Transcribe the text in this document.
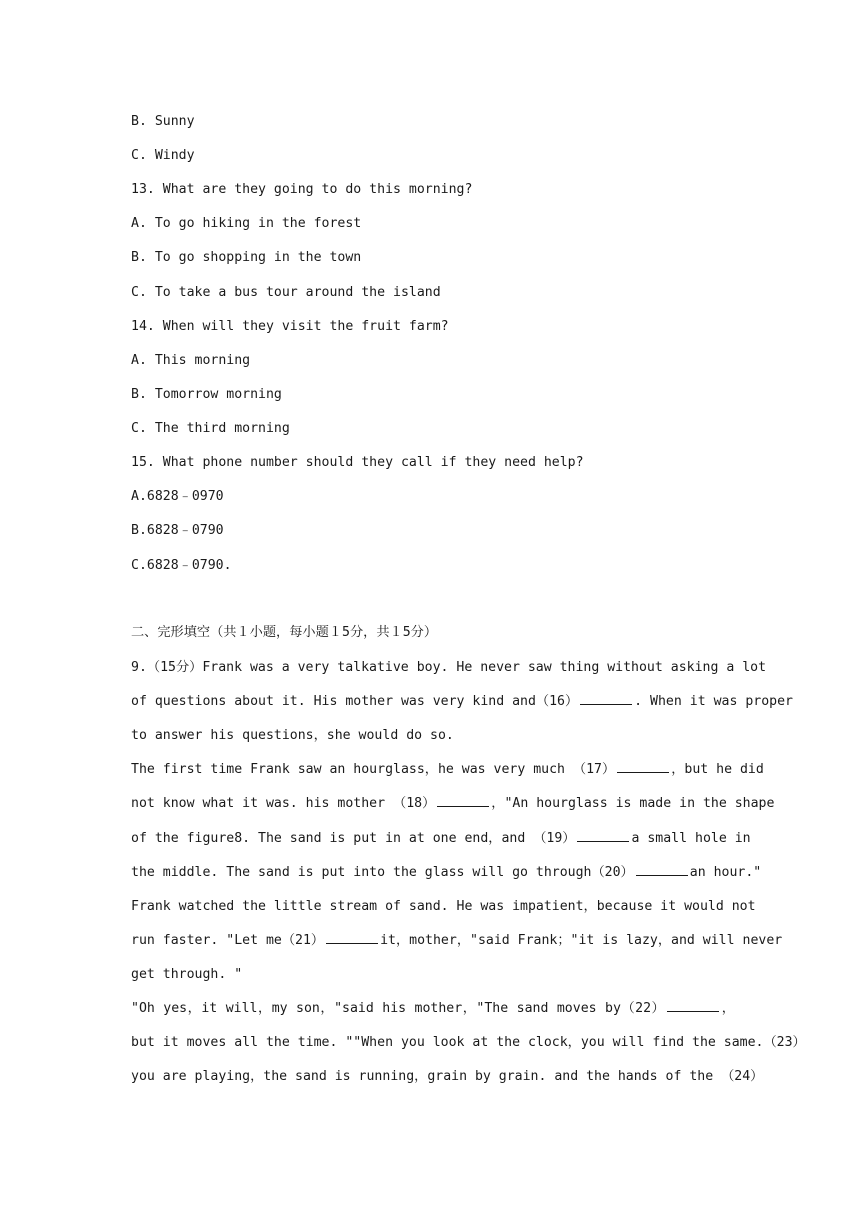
B. Sunny
C. Windy
13. What are they going to do this morning?
A. To go hiking in the forest
B. To go shopping in the town
C. To take a bus tour around the island
14. When will they visit the fruit farm?
A. This morning
B. Tomorrow morning
C. The third morning
15. What phone number should they call if they need help?
A.6828﹣0970
B.6828﹣0790
C.6828﹣0790.
二、完形填空（共１小题，每小题１5分，共１5分）
9.（15分）Frank was a very talkative boy. He never saw thing without asking a lot
of questions about it. His mother was very kind and（16）	. When it was proper
to answer his questions，she would do so.
The first time Frank saw an hourglass，he was very much （17）	，but he did
not know what it was. his mother （18）	，"An hourglass is made in the shape
of the figure8. The sand is put in at one end，and （19）	a small hole in
the middle. The sand is put into the glass will go through（20）	an hour."
Frank watched the little stream of sand. He was impatient，because it would not
run faster. "Let me（21）	it，mother，"said Frank；"it is lazy，and will never
get through. "
"Oh yes，it will，my son，"said his mother，"The sand moves by（22）	，
but it moves all the time. ""When you look at the clock，you will find the same.（23）
you are playing，the sand is running，grain by grain. and the hands of the （24）
